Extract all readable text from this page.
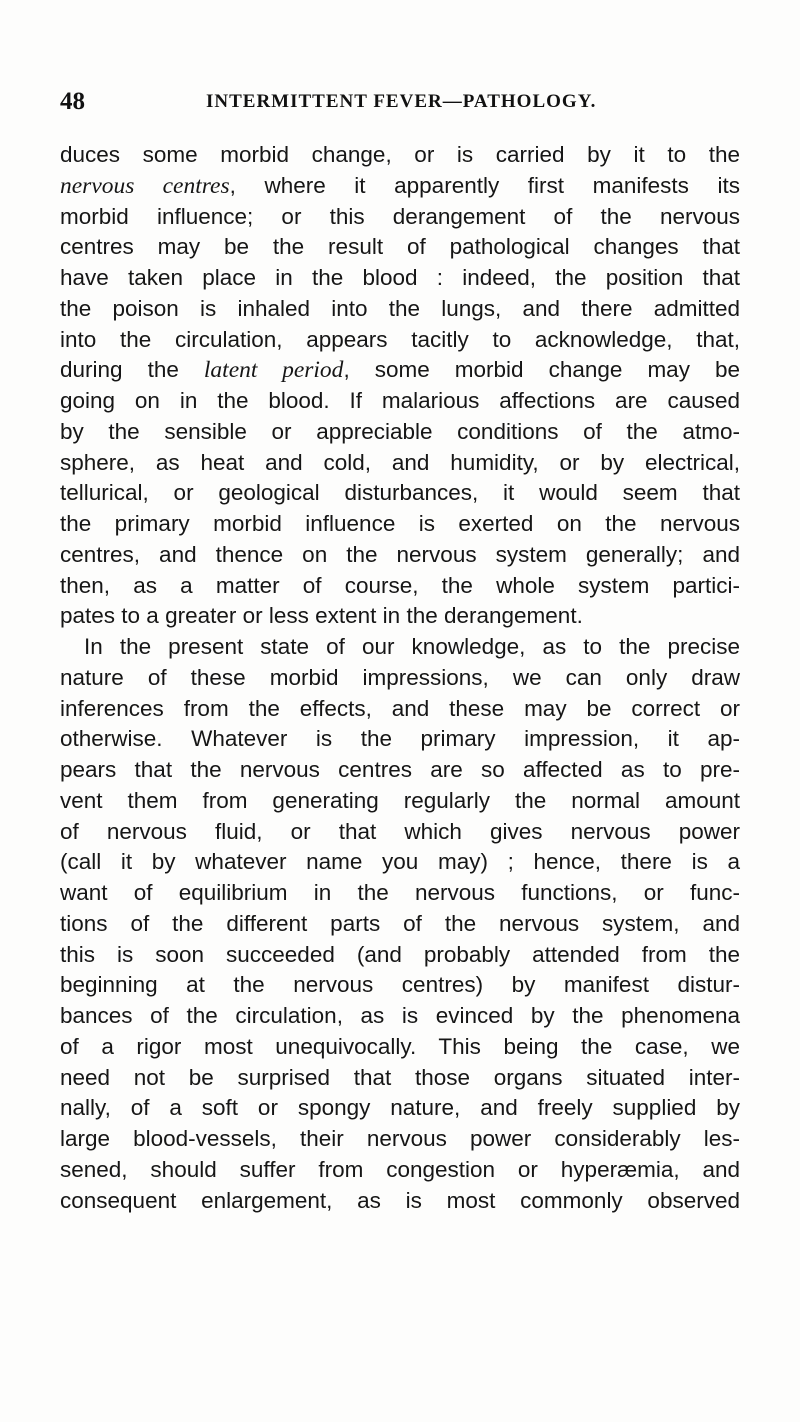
48	INTERMITTENT FEVER—PATHOLOGY.
duces some morbid change, or is carried by it to the
nervous centres, where it apparently first manifests its
morbid influence; or this derangement of the nervous
centres may be the result of pathological changes that
have taken place in the blood : indeed, the position that
the poison is inhaled into the lungs, and there admitted
into the circulation, appears tacitly to acknowledge, that,
during the latent period, some morbid change may be
going on in the blood. If malarious affections are caused
by the sensible or appreciable conditions of the atmo-
sphere, as heat and cold, and humidity, or by electrical,
tellurical, or geological disturbances, it would seem that
the primary morbid influence is exerted on the nervous
centres, and thence on the nervous system generally; and
then, as a matter of course, the whole system partici-
pates to a greater or less extent in the derangement.
In the present state of our knowledge, as to the precise
nature of these morbid impressions, we can only draw
inferences from the effects, and these may be correct or
otherwise. Whatever is the primary impression, it ap-
pears that the nervous centres are so affected as to pre-
vent them from generating regularly the normal amount
of nervous fluid, or that which gives nervous power
(call it by whatever name you may) ; hence, there is a
want of equilibrium in the nervous functions, or func-
tions of the different parts of the nervous system, and
this is soon succeeded (and probably attended from the
beginning at the nervous centres) by manifest distur-
bances of the circulation, as is evinced by the phenomena
of a rigor most unequivocally. This being the case, we
need not be surprised that those organs situated inter-
nally, of a soft or spongy nature, and freely supplied by
large blood-vessels, their nervous power considerably les-
sened, should suffer from congestion or hyperæmia, and
consequent enlargement, as is most commonly observed
